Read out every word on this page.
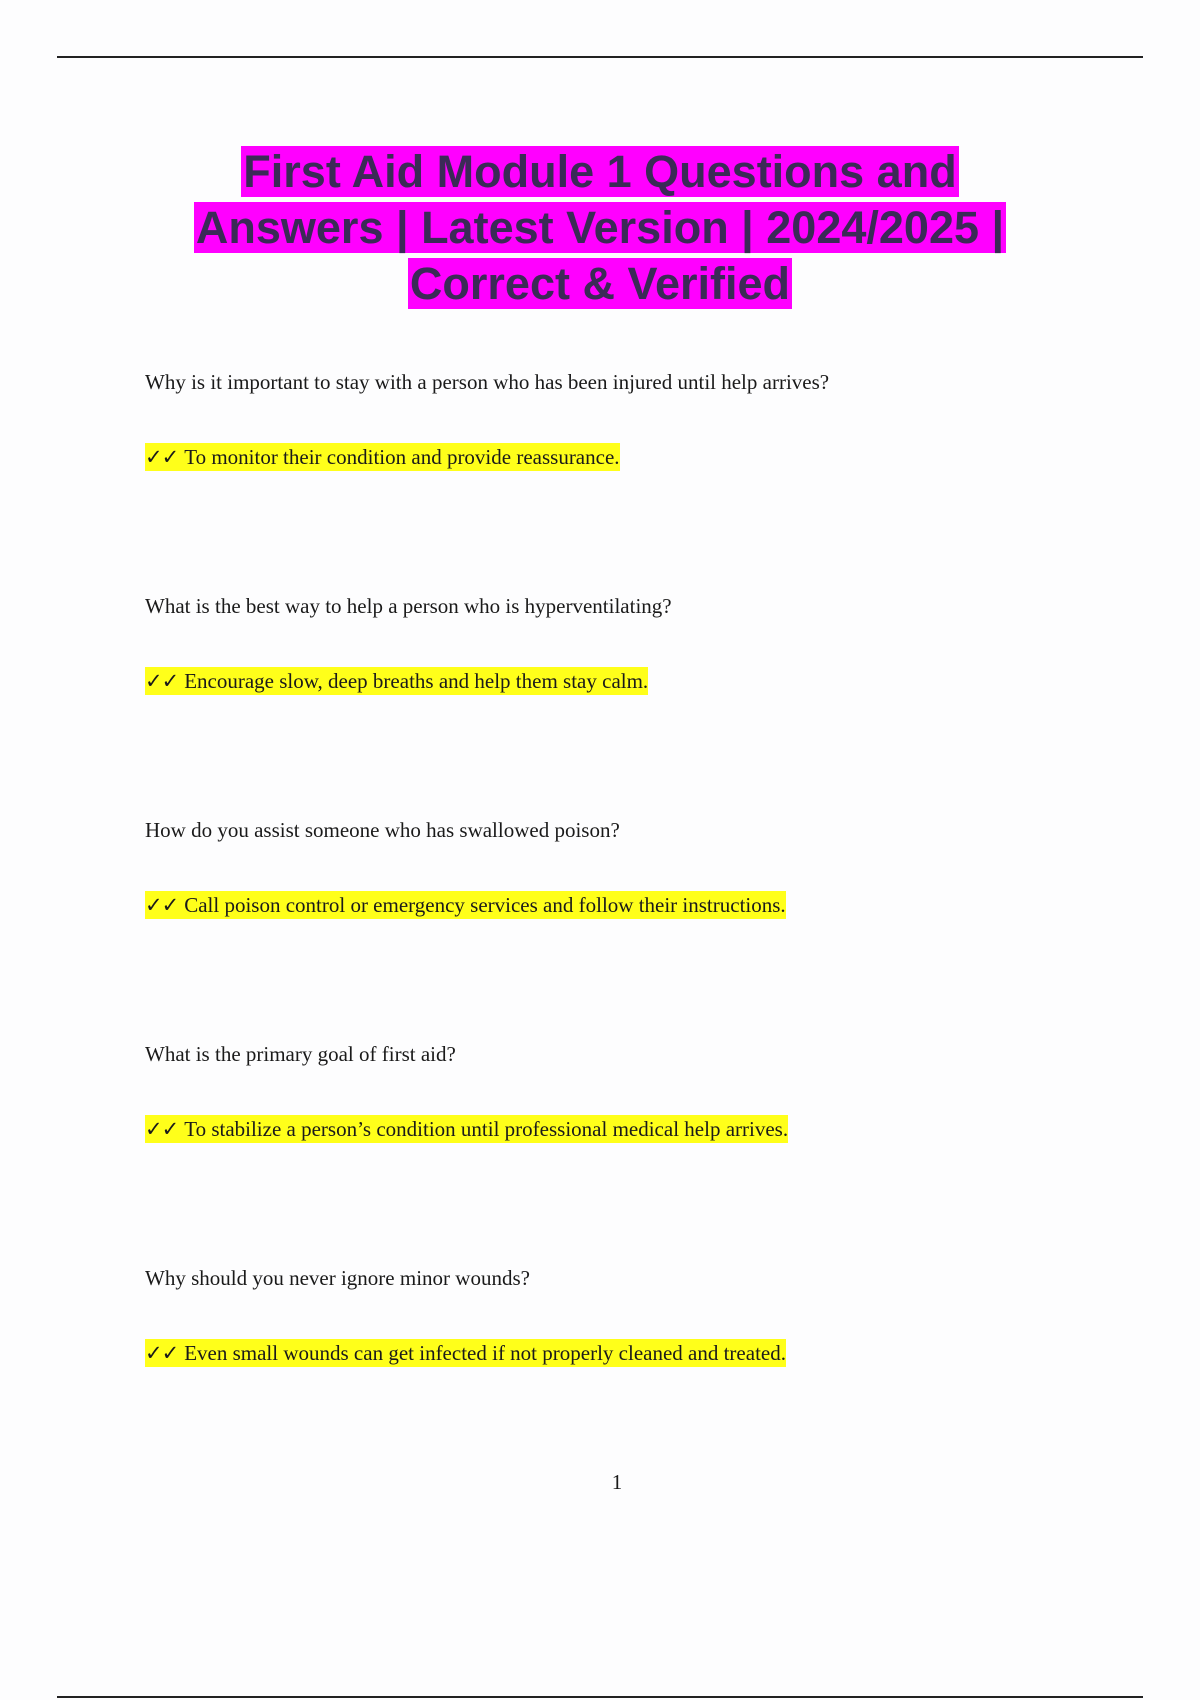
First Aid Module 1 Questions and
Answers | Latest Version | 2024/2025 |
Correct & Verified
Why is it important to stay with a person who has been injured until help arrives?
✓✓ To monitor their condition and provide reassurance.
What is the best way to help a person who is hyperventilating?
✓✓ Encourage slow, deep breaths and help them stay calm.
How do you assist someone who has swallowed poison?
✓✓ Call poison control or emergency services and follow their instructions.
What is the primary goal of first aid?
✓✓ To stabilize a person’s condition until professional medical help arrives.
Why should you never ignore minor wounds?
✓✓ Even small wounds can get infected if not properly cleaned and treated.
1
